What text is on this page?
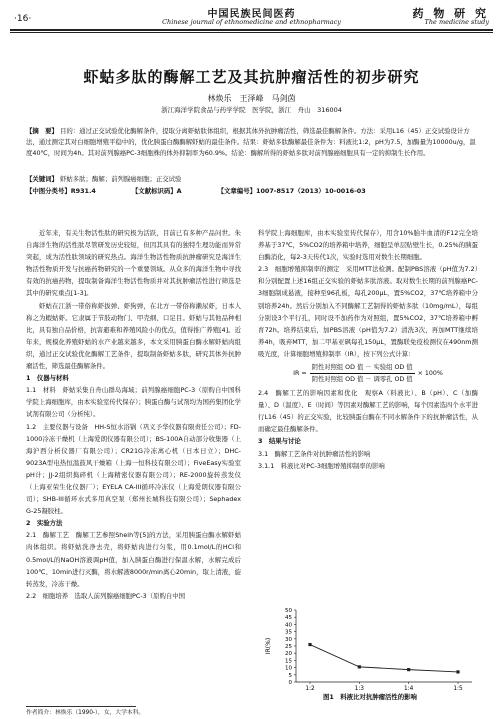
·16·	中国民族民间医药
Chinese journal of ethnomedicine and ethnopharmacy
药 物 研 究
The medicine study
虾蛄多肽的酶解工艺及其抗肿瘤活性的初步研究
林焕乐　王泽峰　马剑茵
浙江海洋学院食品与药学学院　医学院，浙江　舟山　316004
【摘　要】 目的：通过正交试验优化酶解条件，提取分离虾蛄肽体组织，根据其体外抗肿瘤活性，筛选最佳酶解条件。方法：采用L16（45）正交试验设计方法，通过测定其对白细胞增殖平稳中的，优化胰蛋白酶酶解虾蛄的最佳条件。结果：虾蛄多肽酶解最佳条件为：料液比1:2，pH为7.5，加酶量为10000u/g，温度40℃，时间为4h。其对前列腺癌PC-3细胞株的体外抑制率为60.9%。结论：酶解所得的虾蛄多肽对前列腺癌细胞具有一定的抑制生长作用。
【关键词】 虾蛄多肽；酶解；前列腺癌细胞；正交试验
【中图分类号】R931.4	【文献标识码】A	【文章编号】1007-8517（2013）10-0016-03

　　近年来，有关生物活性肽的研究极为活跃，目前已有多种产品问世。朱自海洋生物的活性肽尽管研发历史较短，但因其具有的独特生理功能而异常突起，成为活性肽领域的研究热点。海洋生物活性物质抗肿瘤研究是海洋生物活性物质开发与抗癌药物研究的一个重要领域。从众多的海洋生物中寻找有效的抗癌药物，提取制备海洋生物活性物质并对其抗肿瘤活性进行筛选是其中的研究重点[1-3]。

　　虾蛄在江浙一带俗称虾拔弹、虾狗弹，在北方一带俗称濑尿虾，日本人称之为蝦蛄虾。它隶属于节肢动物门、甲壳纲、口足目。虾蛄与其他品种相比，具有独自品价格，抗害避难和养殖风险小的优点，值得推广养殖[4]。近年来，规模化养殖虾蛄的水产业越来越多，本文采用胰蛋白酶水解虾蛄肉组织，通过正交试验优化酶解工艺条件，提取制备虾蛄多肽，研究其体外抗肿瘤活性，筛选最佳酶解条件。

1　仪器与材料

1.1　材料　虾蛄采集自舟山群岛海域；前列腺癌细胞PC-3（原购自中国科学院上海细胞库，由本实验室传代保存）；胰蛋白酶与试剂均为国药集团化学试剂有限公司（分析纯）。

1.2　主要仪器与设备　HH-S恒水浴锅（巩义予华仪器有限责任公司）；FD-1000冷冻干燥机（上海爱朗仪器有限公司）；BS-100A自动部分收集器（上海沪西分析仪器厂有限公司）；CR21G冷冻离心机（日本日立）；DHC-9023A型电热恒温鼓风干燥箱（上海一恒科技有限公司）；FiveEasy实验室pH计；JJ-2组织捣碎机（上海精密仪器有限公司）；RE-2000旋转蒸发仪（上海亚荣生化仪器厂）；EYELA CA-III循环冷冻仪（上海爱朗仪器有限公司）；SHB-III循环水式多用真空泵（郑州长城科技有限公司）；Sephadex G-25凝胶柱。

2　实验方法

2.1　酶解工艺　酶解工艺参照Sheih等[5]的方法，采用胰蛋白酶水解虾蛄肉体组织。将虾蛄洗净去壳，将虾蛄肉进行匀浆，用0.1mol/L的HCl和0.5mol/L的NaOH溶液调pH值，加入胰蛋白酶进行保温水解，水解完成后100℃、10min进行灭酶，将水解液8000r/min离心20min，取上清液，旋转蒸发，冷冻干燥。

2.2　细胞培养　选取人前列腺癌细胞PC-3（原购自中国

科学院上海细胞库，由本实验室传代保存），用含10%胎牛血清的F12完全培养基于37℃，5%CO2的培养箱中培养，细胞呈单层贴壁生长，0.25%的胰蛋白酶消化，每2-3天传代1次，实验时选用对数生长期细胞。

2.3　细胞增殖抑制率的测定　采用MTT法检测。配制PBS溶液（pH值为7.2）和分别配置上述16组正交实验的虾蛄多肽溶液。取对数生长期的前列腺癌PC-3细胞制成悬液，接种至96孔板，每孔200μL，置5%CO2，37℃培养箱中分别培养24h。然后分别加入不同酶解工艺制得的虾蛄多肽（10mg/mL），每组分别设3个平行孔，同时设不加药作为对照组，置5%CO2，37℃培养箱中孵育72h。培养结束后，加PBS溶液（pH值为7.2）清洗3次，再加MTT继续培养4h，吸弃MTT，加二甲基亚砜每孔150μL，置酶联免疫检测仪在490nm测吸光度，计算细胞增殖抑制率（IR），按下列公式计算：

IR =
阴性对照组 OD 值 － 实验组 OD 值
阴性对照组 OD 值 － 调零孔 OD 值
× 100%

2.4　酶解工艺的影响因素和优化　观察A（料液比）、B（pH）、C（加酶量）、D（温度）、E（时间）等因素对酶解工艺的影响，每个因素选四个水平进行L16（45）的正交实验，比较胰蛋白酶在不同水解条件下的抗肿瘤活性，从而确定最佳酶解条件。

3　结果与讨论

3.1　酶解工艺条件对抗肿瘤活性的影响

3.1.1　料液比对PC-3细胞增殖抑制率的影响

0
5
10
15
20
25
30
35
40
45
50
IR(%)
1:2	1:3	1:4	1:5
图1　料液比对抗肿瘤活性的影响
作者简介：林焕乐（1990-），女，大学本科。
